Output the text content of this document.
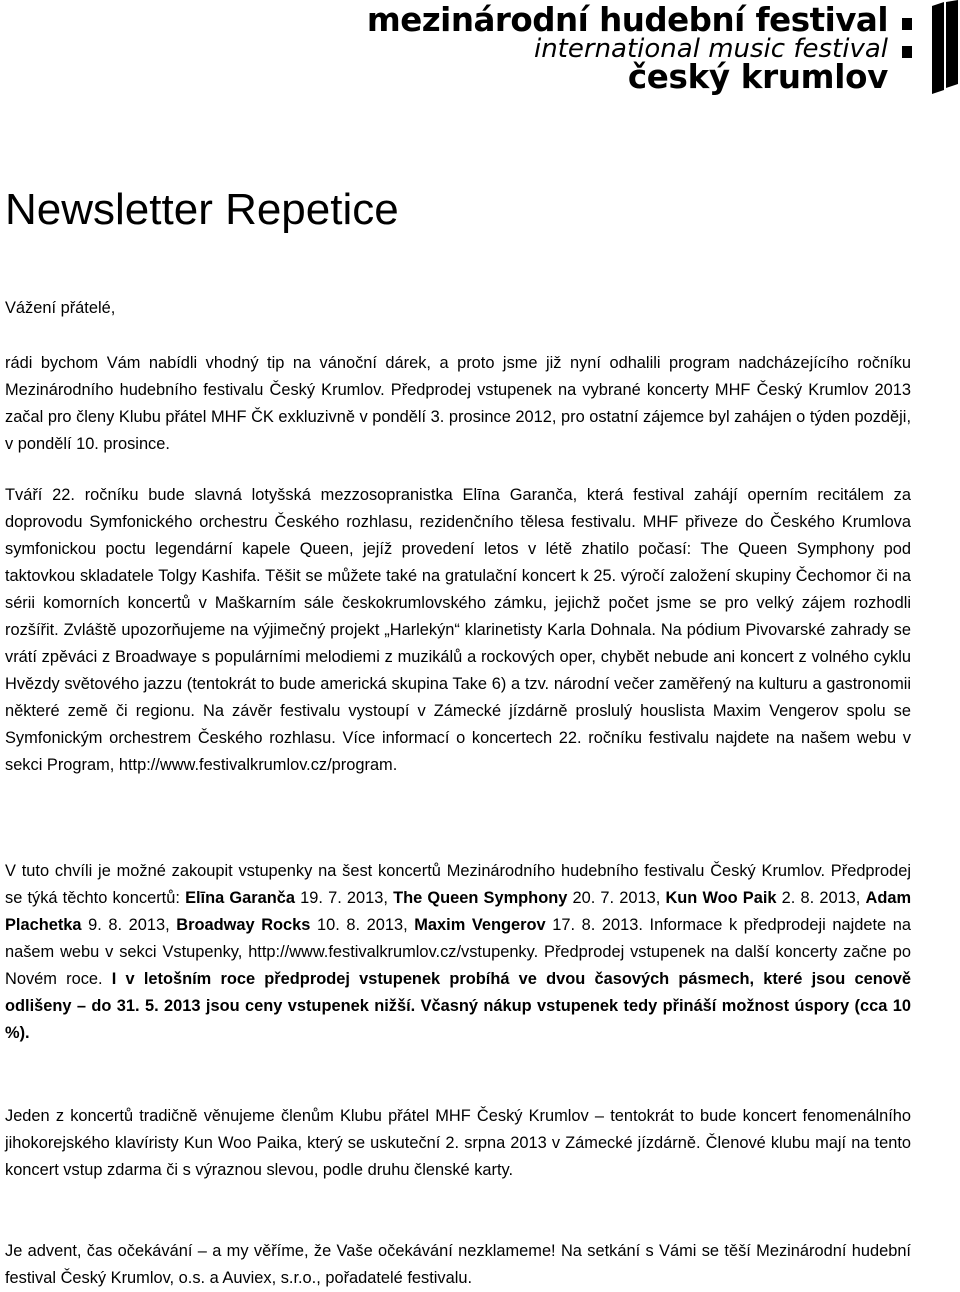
mezinárodní hudební festival
international music festival
český krumlov
Newsletter Repetice

Vážení přátelé,

rádi bychom Vám nabídli vhodný tip na vánoční dárek, a proto jsme již nyní odhalili program nadcházejícího ročníku Mezinárodního hudebního festivalu Český Krumlov. Předprodej vstupenek na vybrané koncerty MHF Český Krumlov 2013 začal pro členy Klubu přátel MHF ČK exkluzivně v pondělí 3. prosince 2012, pro ostatní zájemce byl zahájen o týden později, v pondělí 10. prosince.

Tváří 22. ročníku bude slavná lotyšská mezzosopranistka Elīna Garanča, která festival zahájí operním recitálem za doprovodu Symfonického orchestru Českého rozhlasu, rezidenčního tělesa festivalu. MHF přiveze do Českého Krumlova symfonickou poctu legendární kapele Queen, jejíž provedení letos v létě zhatilo počasí: The Queen Symphony pod taktovkou skladatele Tolgy Kashifa. Těšit se můžete také na gratulační koncert k 25. výročí založení skupiny Čechomor či na sérii komorních koncertů v Maškarním sále českokrumlovského zámku, jejichž počet jsme se pro velký zájem rozhodli rozšířit. Zvláště upozorňujeme na výjimečný projekt „Harlekýn“ klarinetisty Karla Dohnala. Na pódium Pivovarské zahrady se vrátí zpěváci z Broadwaye s populárními melodiemi z muzikálů a rockových oper, chybět nebude ani koncert z volného cyklu Hvězdy světového jazzu (tentokrát to bude americká skupina Take 6) a tzv. národní večer zaměřený na kulturu a gastronomii některé země či regionu. Na závěr festivalu vystoupí v Zámecké jízdárně proslulý houslista Maxim Vengerov spolu se Symfonickým orchestrem Českého rozhlasu. Více informací o koncertech 22. ročníku festivalu najdete na našem webu v sekci Program, http://www.festivalkrumlov.cz/program.

V tuto chvíli je možné zakoupit vstupenky na šest koncertů Mezinárodního hudebního festivalu Český Krumlov. Předprodej se týká těchto koncertů: Elīna Garanča 19. 7. 2013, The Queen Symphony 20. 7. 2013, Kun Woo Paik 2. 8. 2013, Adam Plachetka 9. 8. 2013, Broadway Rocks 10. 8. 2013, Maxim Vengerov 17. 8. 2013. Informace k předprodeji najdete na našem webu v sekci Vstupenky, http://www.festivalkrumlov.cz/vstupenky. Předprodej vstupenek na další koncerty začne po Novém roce. I v letošním roce předprodej vstupenek probíhá ve dvou časových pásmech, které jsou cenově odlišeny – do 31. 5. 2013 jsou ceny vstupenek nižší. Včasný nákup vstupenek tedy přináší možnost úspory (cca 10 %).

Jeden z koncertů tradičně věnujeme členům Klubu přátel MHF Český Krumlov – tentokrát to bude koncert fenomenálního jihokorejského klavíristy Kun Woo Paika, který se uskuteční 2. srpna 2013 v Zámecké jízdárně. Členové klubu mají na tento koncert vstup zdarma či s výraznou slevou, podle druhu členské karty.

Je advent, čas očekávání – a my věříme, že Vaše očekávání nezklameme! Na setkání s Vámi se těší Mezinárodní hudební festival Český Krumlov, o.s. a Auviex, s.r.o., pořadatelé festivalu.
